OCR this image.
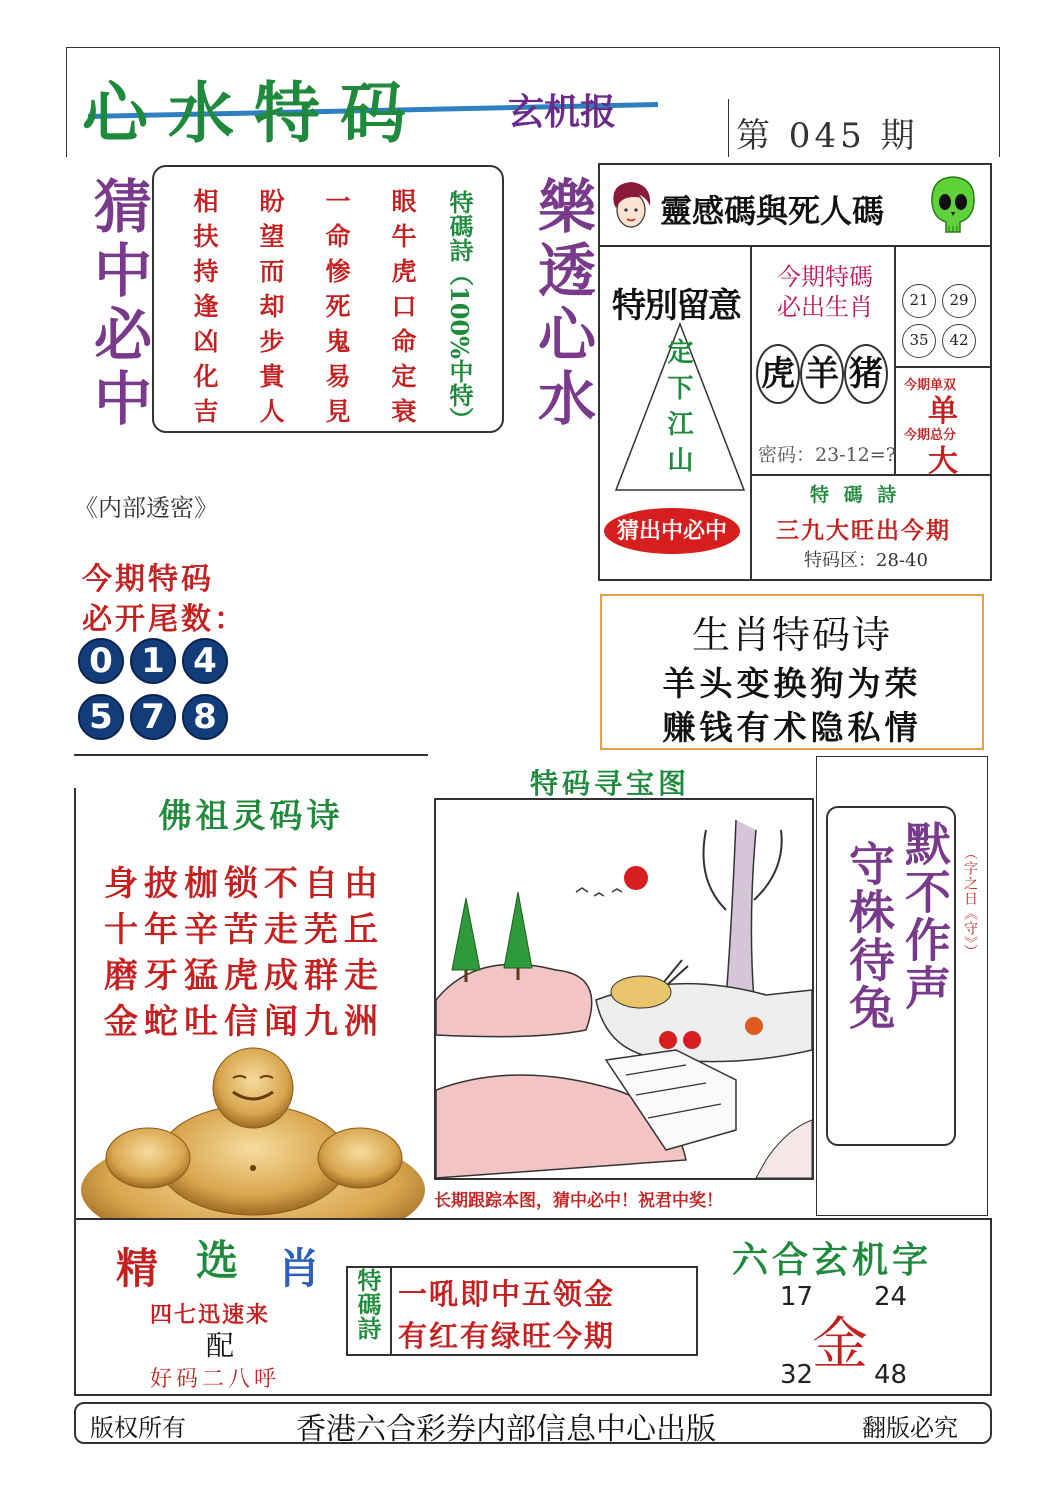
心水特码 玄机报
第 045 期
猜中必中	樂透心水
特碼詩（100%中特）
眼牛虎口命定衰
一命惨死鬼易見
盼望而却步貴人
相扶持逢凶化吉	靈感碼與死人碼
特別留意
定下江山
猜出中必中
今期特碼
必出生肖
虎 羊 猪
密码：23-12=?
21	29
35	42
今期单双
单
今期总分
大
特 碼 詩
三九大旺出今期
特码区：28-40
《内部透密》
今期特码
必开尾数：
0 1 4
5 7 8
生肖特码诗
羊头变换狗为荣
赚钱有术隐私情
佛祖灵码诗
身披枷锁不自由
十年辛苦走芜丘
磨牙猛虎成群走
金蛇吐信闻九洲
特码寻宝图
长期跟踪本图，猜中必中！祝君中奖！
默不作声
守株待兔	（字之日《守》）
精 选 肖
四七迅速来
配
好码二八呼
特碼詩 一吼即中五领金
有红有绿旺今期
六合玄机字
17 24
32 48
金
版权所有	香港六合彩券内部信息中心出版	翻版必究
